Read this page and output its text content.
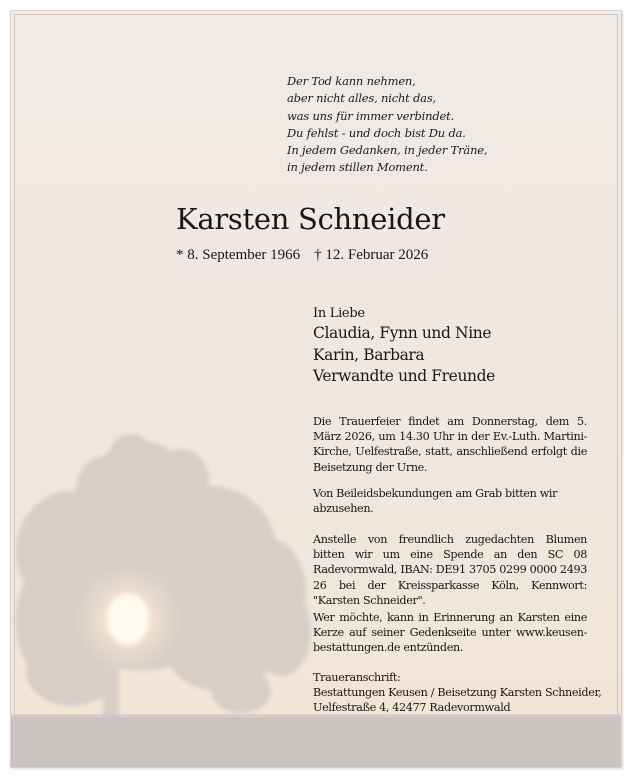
Der Tod kann nehmen,
aber nicht alles, nicht das,
was uns für immer verbindet.
Du fehlst - und doch bist Du da.
In jedem Gedanken, in jeder Träne,
in jedem stillen Moment.
Karsten Schneider
* 8. September 1966 † 12. Februar 2026
In Liebe
Claudia, Fynn und Nine
Karin, Barbara
Verwandte und Freunde
Die Trauerfeier findet am Donnerstag, dem 5. März 2026, um 14.30 Uhr in der Ev.-Luth. Martini-Kirche, Uelfestraße, statt, anschließend erfolgt die Beisetzung der Urne.
Von Beileidsbekundungen am Grab bitten wir abzusehen.
Anstelle von freundlich zugedachten Blumen bitten wir um eine Spende an den SC 08 Radevormwald, IBAN: DE91 3705 0299 0000 2493 26 bei der Kreissparkasse Köln, Kennwort: "Karsten Schneider".
Wer möchte, kann in Erinnerung an Karsten eine Kerze auf seiner Gedenkseite unter www.keusen-bestattungen.de entzünden.
Traueranschrift:
Bestattungen Keusen / Beisetzung Karsten Schneider,
Uelfestraße 4, 42477 Radevormwald
